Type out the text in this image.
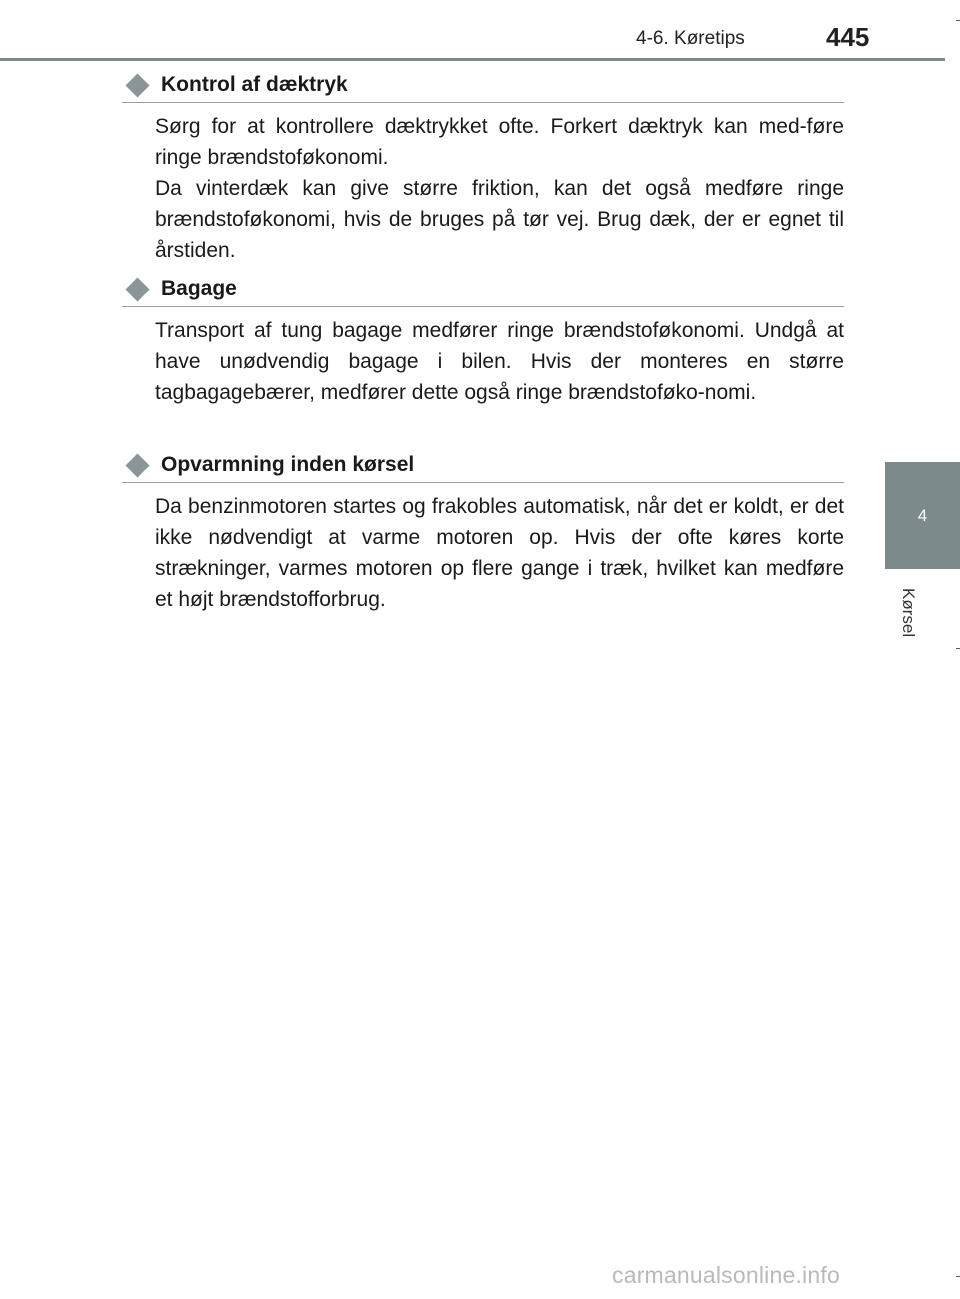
4-6. Køretips	445
4
Kørsel
Kontrol af dæktryk

Sørg for at kontrollere dæktrykket ofte. Forkert dæktryk kan med-føre ringe brændstoføkonomi.

Da vinterdæk kan give større friktion, kan det også medføre ringe brændstoføkonomi, hvis de bruges på tør vej. Brug dæk, der er egnet til årstiden.

Bagage

Transport af tung bagage medfører ringe brændstoføkonomi. Undgå at have unødvendig bagage i bilen. Hvis der monteres en større tagbagagebærer, medfører dette også ringe brændstoføko-nomi.

Opvarmning inden kørsel

Da benzinmotoren startes og frakobles automatisk, når det er koldt, er det ikke nødvendigt at varme motoren op. Hvis der ofte køres korte strækninger, varmes motoren op flere gange i træk, hvilket kan medføre et højt brændstofforbrug.

carmanualsonline.info
